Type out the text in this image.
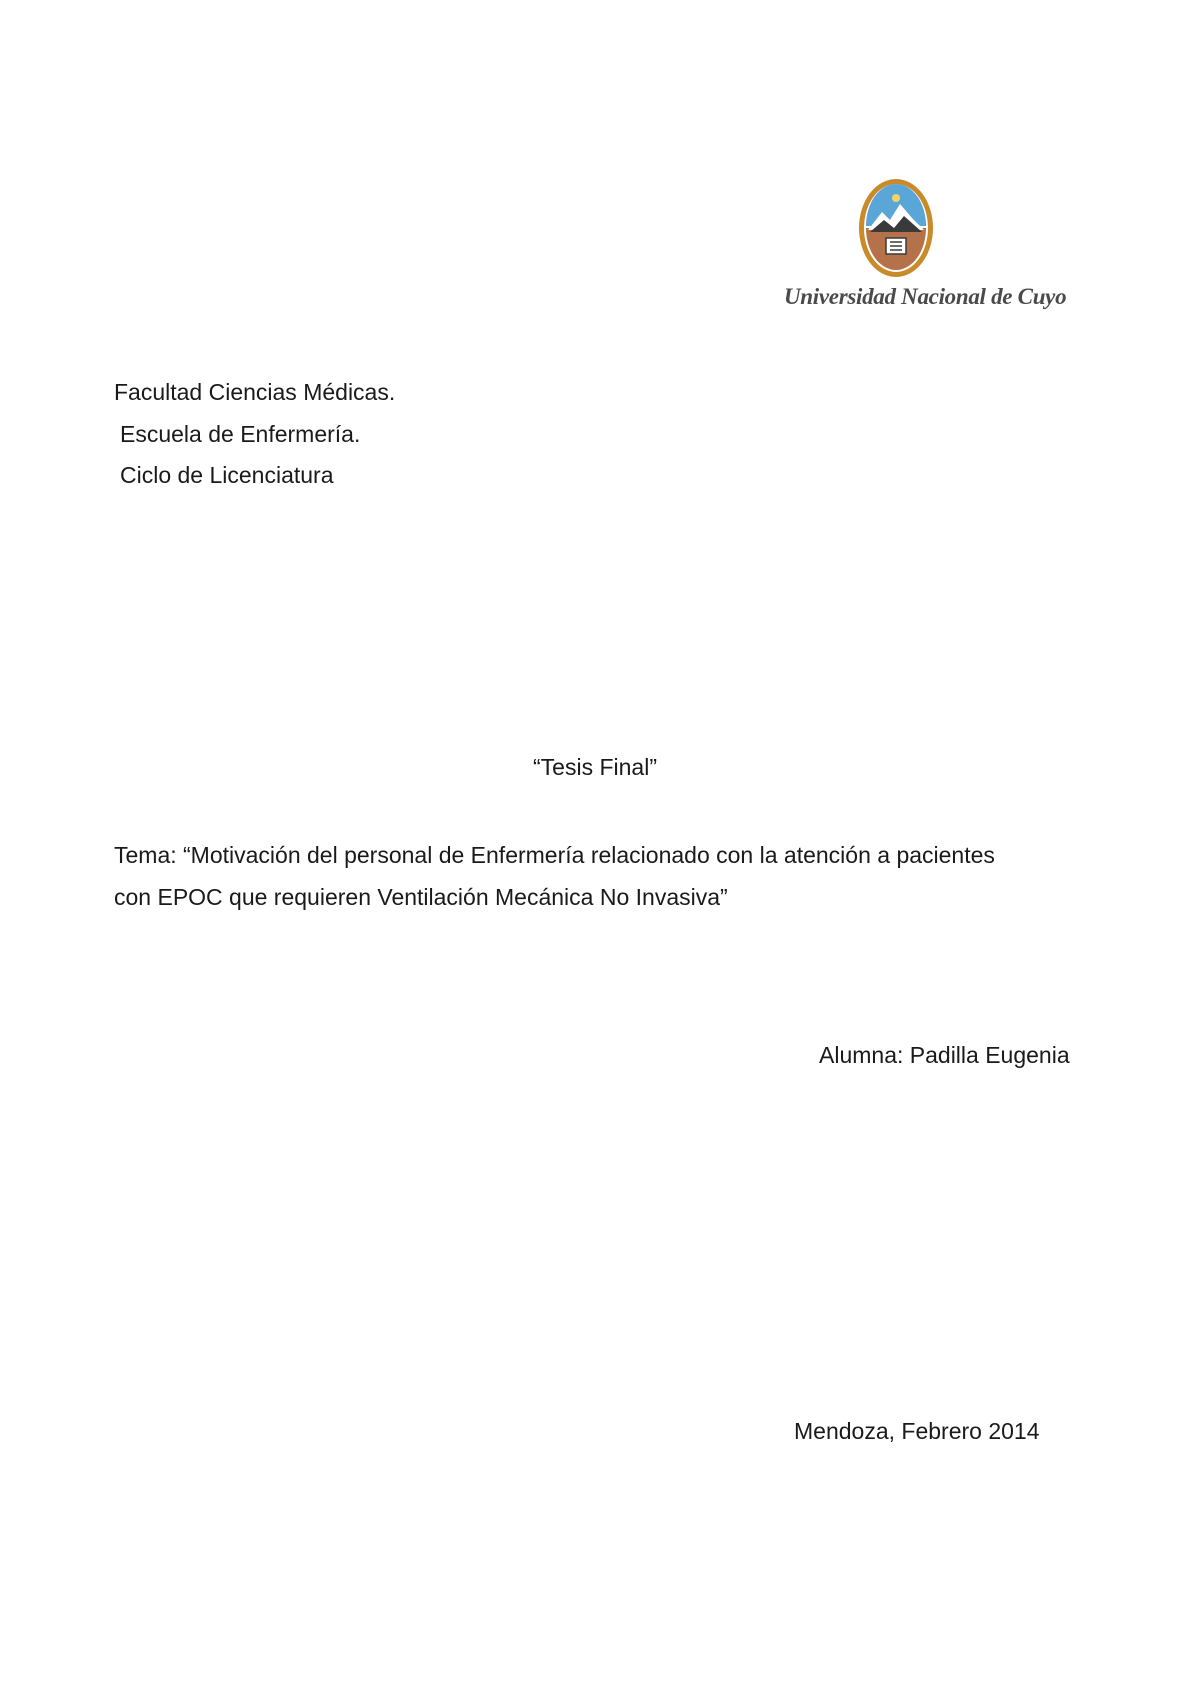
Universidad Nacional de Cuyo
Facultad Ciencias Médicas.
Escuela de Enfermería.
Ciclo de Licenciatura
“Tesis Final”
Tema: “Motivación del personal de Enfermería relacionado con la atención a pacientes
con EPOC que requieren Ventilación Mecánica No Invasiva”
Alumna: Padilla Eugenia
Mendoza, Febrero 2014
